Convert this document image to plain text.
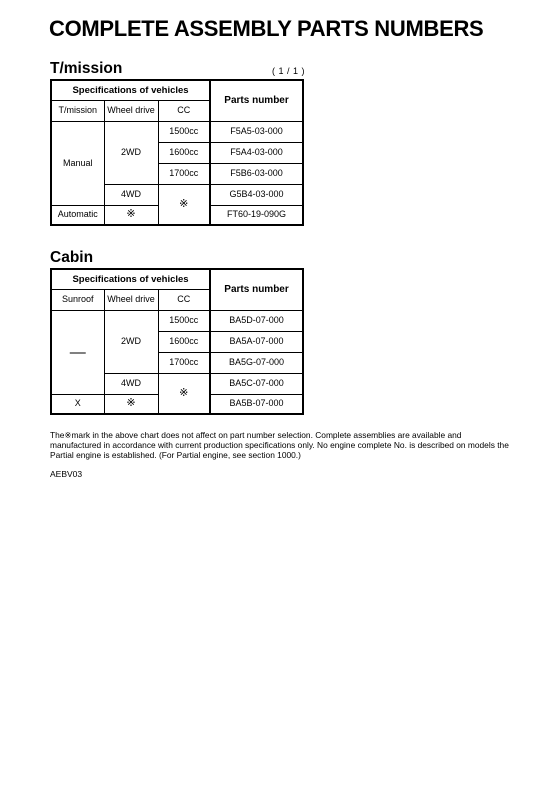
COMPLETE ASSEMBLY PARTS NUMBERS
T/mission	( 1 / 1 )
Specifications of vehicles			Parts number
T/mission	Wheel drive	CC	
Manual	2WD	1500cc	F5A5-03-000
		1600cc	F5A4-03-000
		1700cc	F5B6-03-000
	4WD	※	G5B4-03-000
Automatic	※		FT60-19-090G
Cabin
Specifications of vehicles			Parts number
Sunroof	Wheel drive	CC	
—	2WD	1500cc	BA5D-07-000
		1600cc	BA5A-07-000
		1700cc	BA5G-07-000
	4WD	※	BA5C-07-000
X	※		BA5B-07-000

The※mark in the above chart does not affect on part number selection. Complete assemblies are available and manufactured in accordance with current production specifications only. No engine complete No. is described on models the Partial engine is established. (For Partial engine, see section 1000.)

AEBV03
